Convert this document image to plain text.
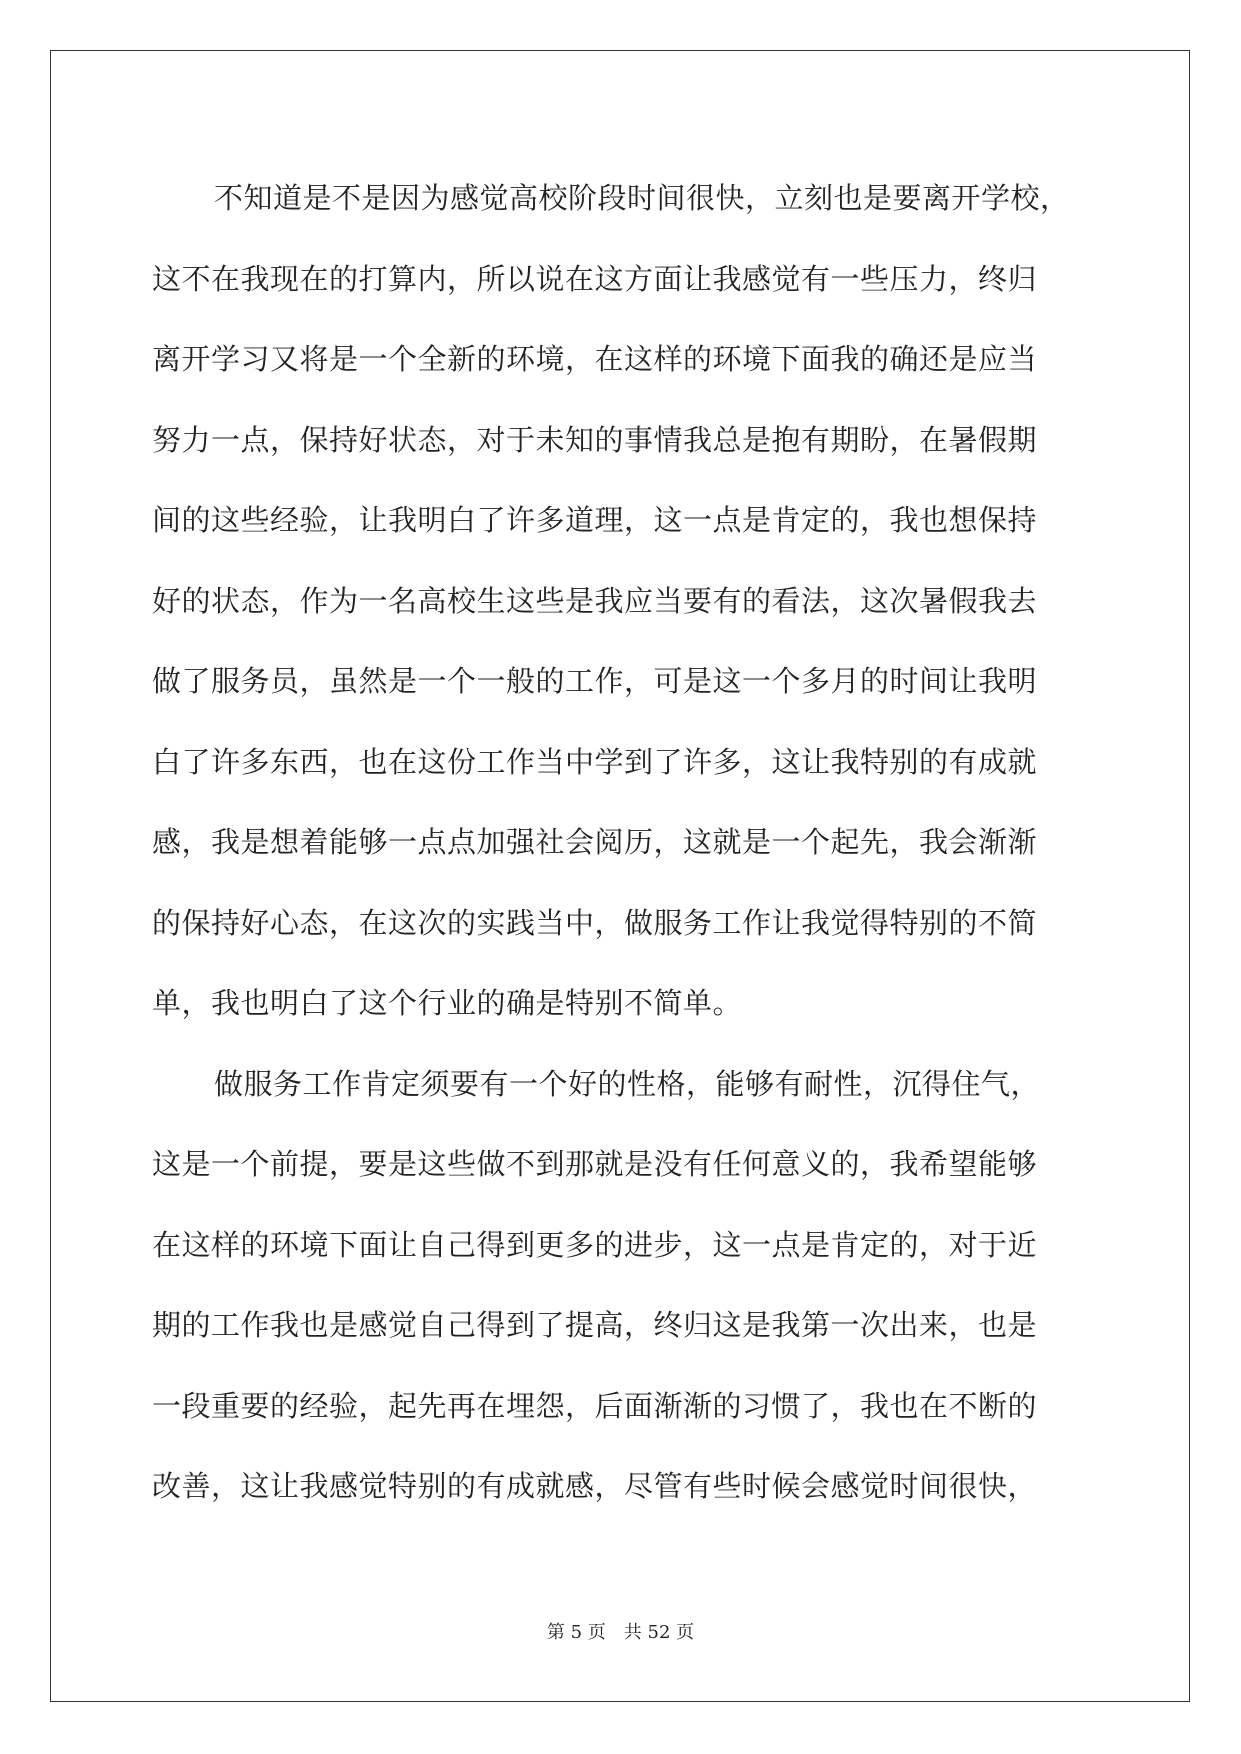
不知道是不是因为感觉高校阶段时间很快，立刻也是要离开学校，
这不在我现在的打算内，所以说在这方面让我感觉有一些压力，终归
离开学习又将是一个全新的环境，在这样的环境下面我的确还是应当
努力一点，保持好状态，对于未知的事情我总是抱有期盼，在暑假期
间的这些经验，让我明白了许多道理，这一点是肯定的，我也想保持
好的状态，作为一名高校生这些是我应当要有的看法，这次暑假我去
做了服务员，虽然是一个一般的工作，可是这一个多月的时间让我明
白了许多东西，也在这份工作当中学到了许多，这让我特别的有成就
感，我是想着能够一点点加强社会阅历，这就是一个起先，我会渐渐
的保持好心态，在这次的实践当中，做服务工作让我觉得特别的不简
单，我也明白了这个行业的确是特别不简单。
做服务工作肯定须要有一个好的性格，能够有耐性，沉得住气，
这是一个前提，要是这些做不到那就是没有任何意义的，我希望能够
在这样的环境下面让自己得到更多的进步，这一点是肯定的，对于近
期的工作我也是感觉自己得到了提高，终归这是我第一次出来，也是
一段重要的经验，起先再在埋怨，后面渐渐的习惯了，我也在不断的
改善，这让我感觉特别的有成就感，尽管有些时候会感觉时间很快，
第 5 页　共 52 页
